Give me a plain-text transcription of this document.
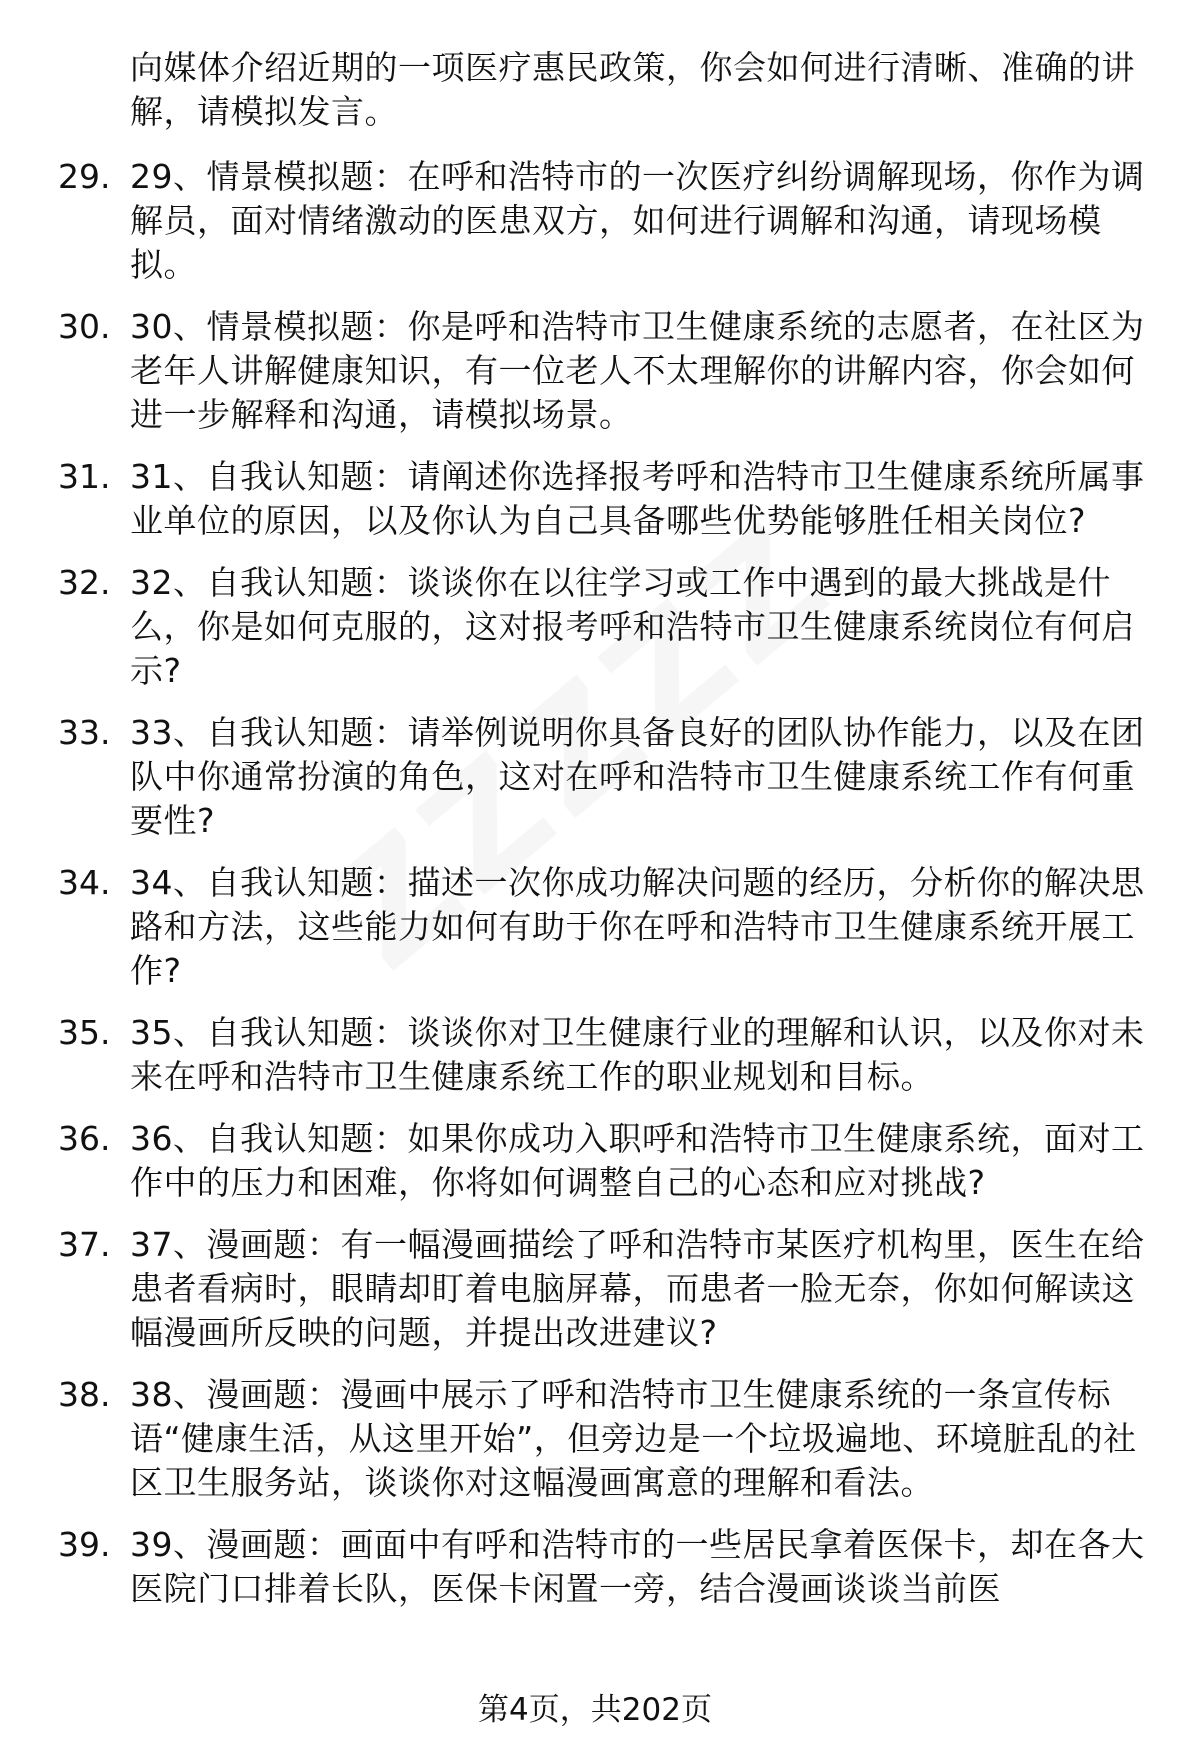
向媒体介绍近期的一项医疗惠民政策，你会如何进行清晰、准确的讲解，请模拟发言。
29. 29、情景模拟题：在呼和浩特市的一次医疗纠纷调解现场，你作为调解员，面对情绪激动的医患双方，如何进行调解和沟通，请现场模拟。
30. 30、情景模拟题：你是呼和浩特市卫生健康系统的志愿者，在社区为老年人讲解健康知识，有一位老人不太理解你的讲解内容，你会如何进一步解释和沟通，请模拟场景。
31. 31、自我认知题：请阐述你选择报考呼和浩特市卫生健康系统所属事业单位的原因，以及你认为自己具备哪些优势能够胜任相关岗位?
32. 32、自我认知题：谈谈你在以往学习或工作中遇到的最大挑战是什么，你是如何克服的，这对报考呼和浩特市卫生健康系统岗位有何启示?
33. 33、自我认知题：请举例说明你具备良好的团队协作能力，以及在团队中你通常扮演的角色，这对在呼和浩特市卫生健康系统工作有何重要性?
34. 34、自我认知题：描述一次你成功解决问题的经历，分析你的解决思路和方法，这些能力如何有助于你在呼和浩特市卫生健康系统开展工作?
35. 35、自我认知题：谈谈你对卫生健康行业的理解和认识，以及你对未来在呼和浩特市卫生健康系统工作的职业规划和目标。
36. 36、自我认知题：如果你成功入职呼和浩特市卫生健康系统，面对工作中的压力和困难，你将如何调整自己的心态和应对挑战?
37. 37、漫画题：有一幅漫画描绘了呼和浩特市某医疗机构里，医生在给患者看病时，眼睛却盯着电脑屏幕，而患者一脸无奈，你如何解读这幅漫画所反映的问题，并提出改进建议?
38. 38、漫画题：漫画中展示了呼和浩特市卫生健康系统的一条宣传标语“健康生活，从这里开始”，但旁边是一个垃圾遍地、环境脏乱的社区卫生服务站，谈谈你对这幅漫画寓意的理解和看法。
39. 39、漫画题：画面中有呼和浩特市的一些居民拿着医保卡，却在各大医院门口排着长队，医保卡闲置一旁，结合漫画谈谈当前医
第4页，共202页
